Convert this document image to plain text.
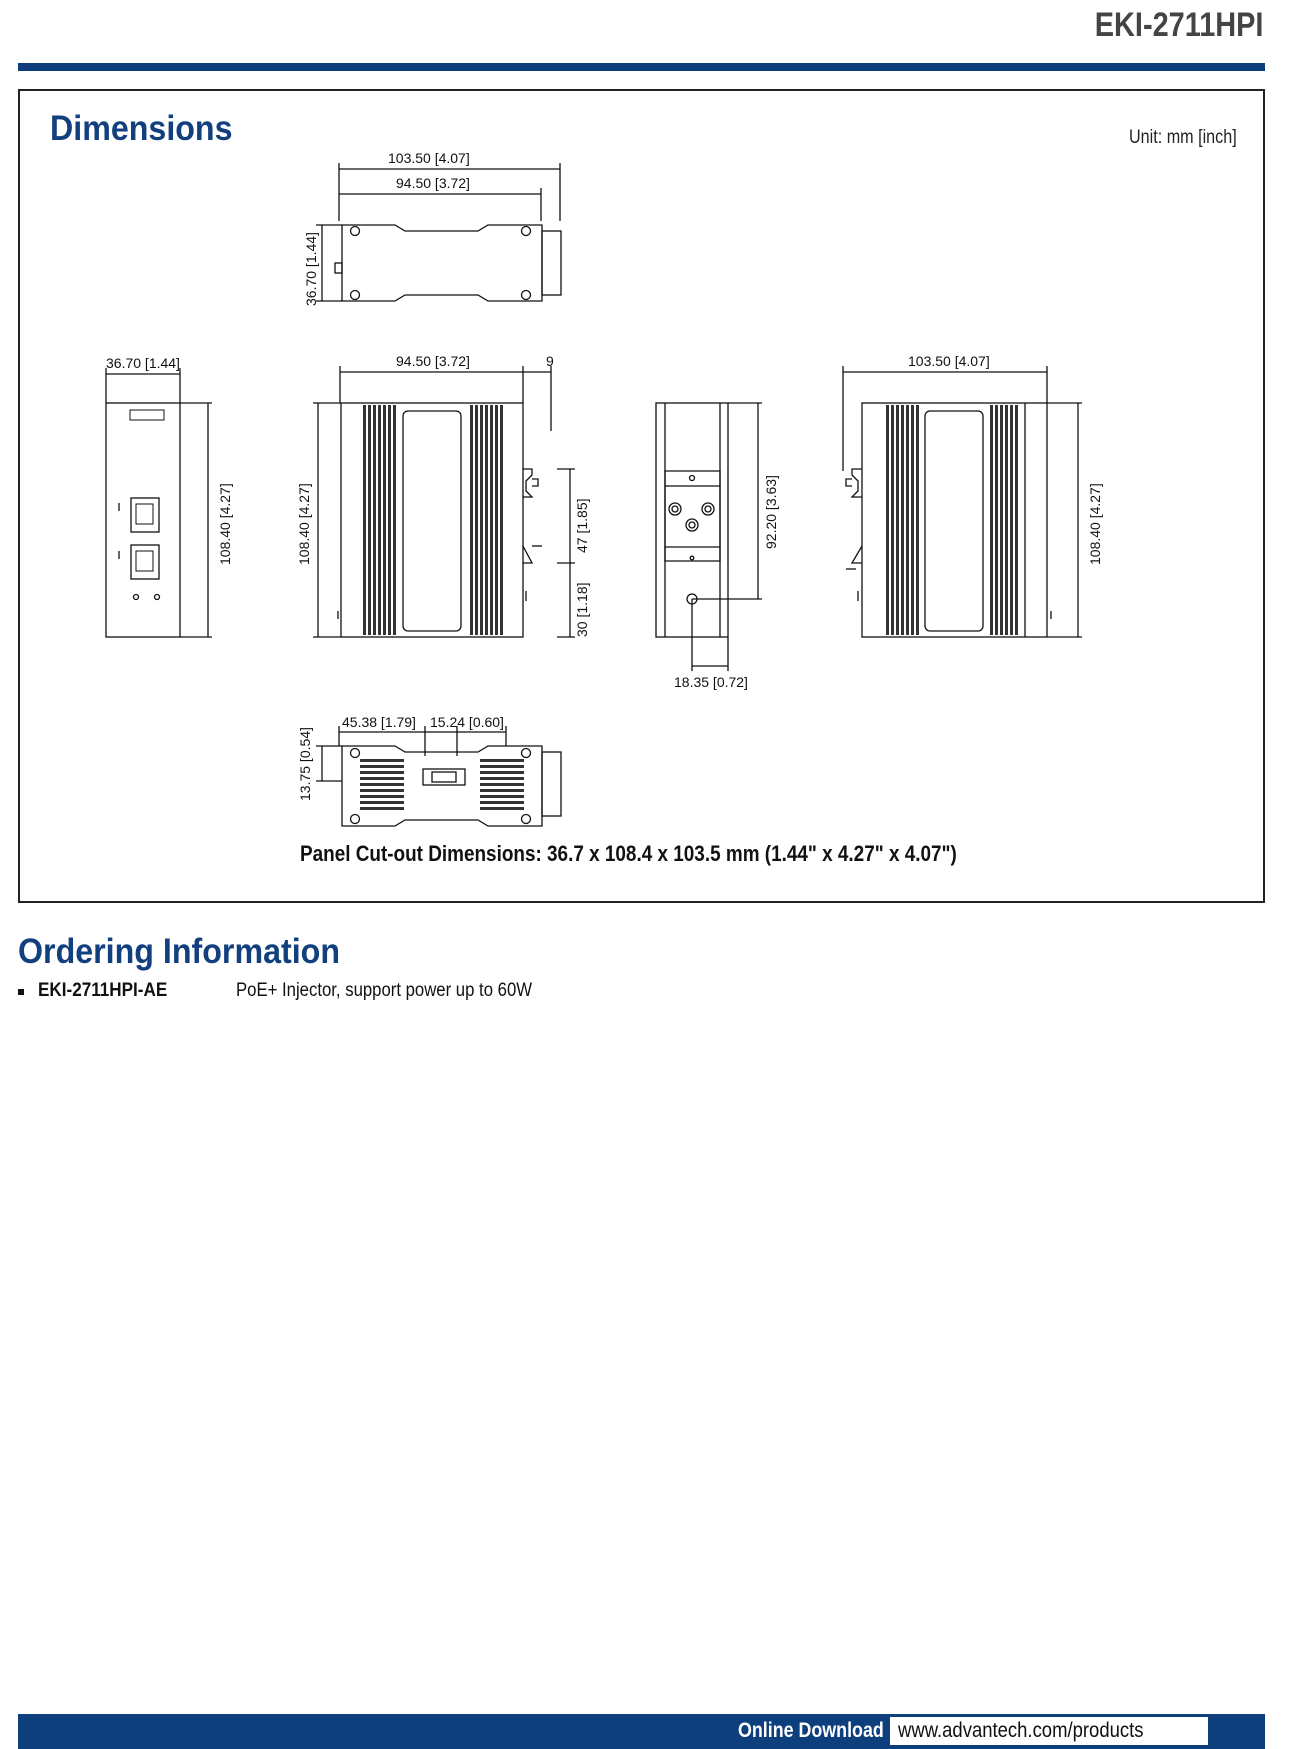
EKI-2711HPI
Dimensions	Unit: mm [inch]
103.50 [4.07]
94.50 [3.72]
36.70 [1.44]
36.70 [1.44]
108.40 [4.27]
94.50 [3.72]	9
108.40 [4.27]	47 [1.85]
30 [1.18]
92.20 [3.63]
18.35 [0.72]
103.50 [4.07]
108.40 [4.27]
45.38 [1.79] 15.24 [0.60]
13.75 [0.54]
Panel Cut-out Dimensions: 36.7 x 108.4 x 103.5 mm (1.44" x 4.27" x 4.07")
Ordering Information
EKI-2711HPI-AE	PoE+ Injector, support power up to 60W
Online Download www.advantech.com/products
